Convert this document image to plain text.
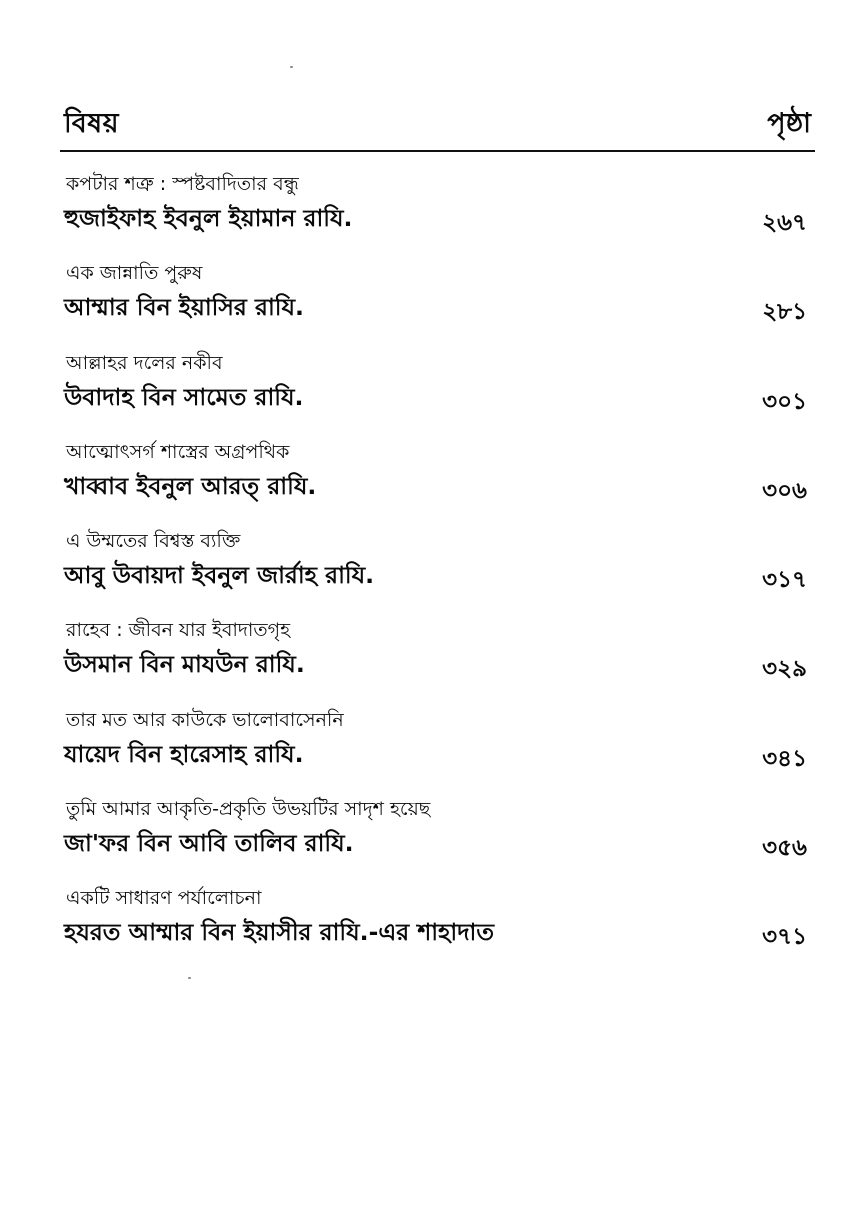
বিষয়	পৃষ্ঠা
কপটার শত্রু : স্পষ্টবাদিতার বন্ধু
হুজাইফাহ ইবনুল ইয়ামান রাযি.	২৬৭
এক জান্নাতি পুরুষ
আম্মার বিন ইয়াসির রাযি.	২৮১
আল্লাহর দলের নকীব
উবাদাহ বিন সামেত রাযি.	৩০১
আত্মোৎসর্গ শাস্ত্রের অগ্রপথিক
খাব্বাব ইবনুল আরত্ রাযি.	৩০৬
এ উম্মতের বিশ্বস্ত ব্যক্তি
আবু উবায়দা ইবনুল জার্রাহ রাযি.	৩১৭
রাহেব : জীবন যার ইবাদাতগৃহ
উসমান বিন মাযউন রাযি.	৩২৯
তার মত আর কাউকে ভালোবাসেননি
যায়েদ বিন হারেসাহ রাযি.	৩৪১
তুমি আমার আকৃতি-প্রকৃতি উভয়টির সাদৃশ হয়েছ
জা'ফর বিন আবি তালিব রাযি.	৩৫৬
একটি সাধারণ পর্যালোচনা
হযরত আম্মার বিন ইয়াসীর রাযি.-এর শাহাদাত	৩৭১
